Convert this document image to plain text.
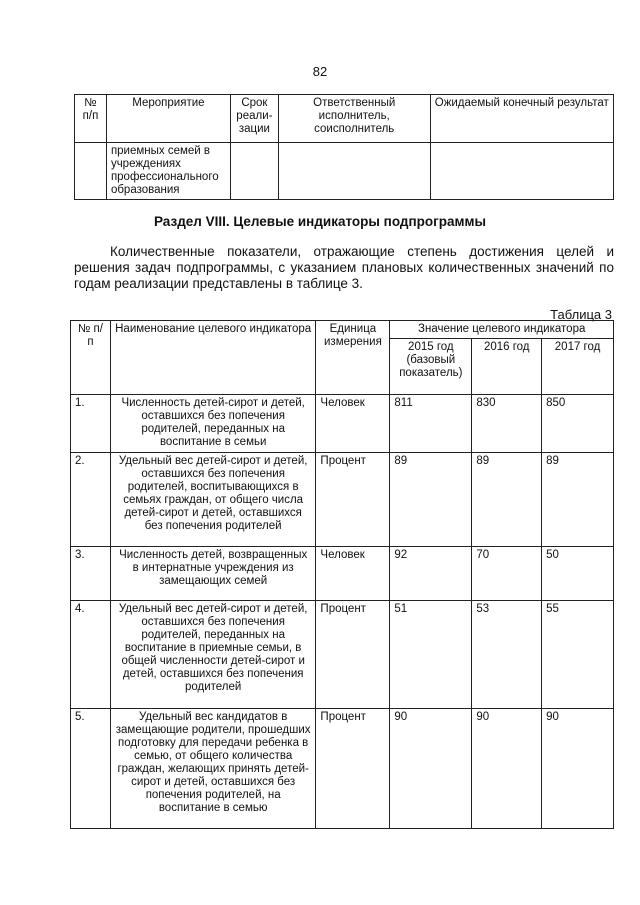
82
№ п/п	Мероприятие	Срок реали-зации	Ответственный исполнитель, соисполнитель	Ожидаемый конечный результат
	приемных семей в учреждениях профессионального образования			
Раздел VIII. Целевые индикаторы подпрограммы

Количественные показатели, отражающие степень достижения целей и решения задач подпрограммы, с указанием плановых количественных значений по годам реализации представлены в таблице 3.

Таблица 3
№ п/п	Наименование целевого индикатора	Единица измерения	Значение целевого индикатора		
			2015 год (базовый показатель)	2016 год	2017 год
1.	Численность детей-сирот и детей, оставшихся без попечения родителей, переданных на воспитание в семьи	Человек	811	830	850
2.	Удельный вес детей-сирот и детей, оставшихся без попечения родителей, воспитывающихся в семьях граждан, от общего числа детей-сирот и детей, оставшихся без попечения родителей	Процент	89	89	89
3.	Численность детей, возвращенных в интернатные учреждения из замещающих семей	Человек	92	70	50
4.	Удельный вес детей-сирот и детей, оставшихся без попечения родителей, переданных на воспитание в приемные семьи, в общей численности детей-сирот и детей, оставшихся без попечения родителей	Процент	51	53	55
5.	Удельный вес кандидатов в замещающие родители, прошедших подготовку для передачи ребенка в семью, от общего количества граждан, желающих принять детей-сирот и детей, оставшихся без попечения родителей, на воспитание в семью	Процент	90	90	90
